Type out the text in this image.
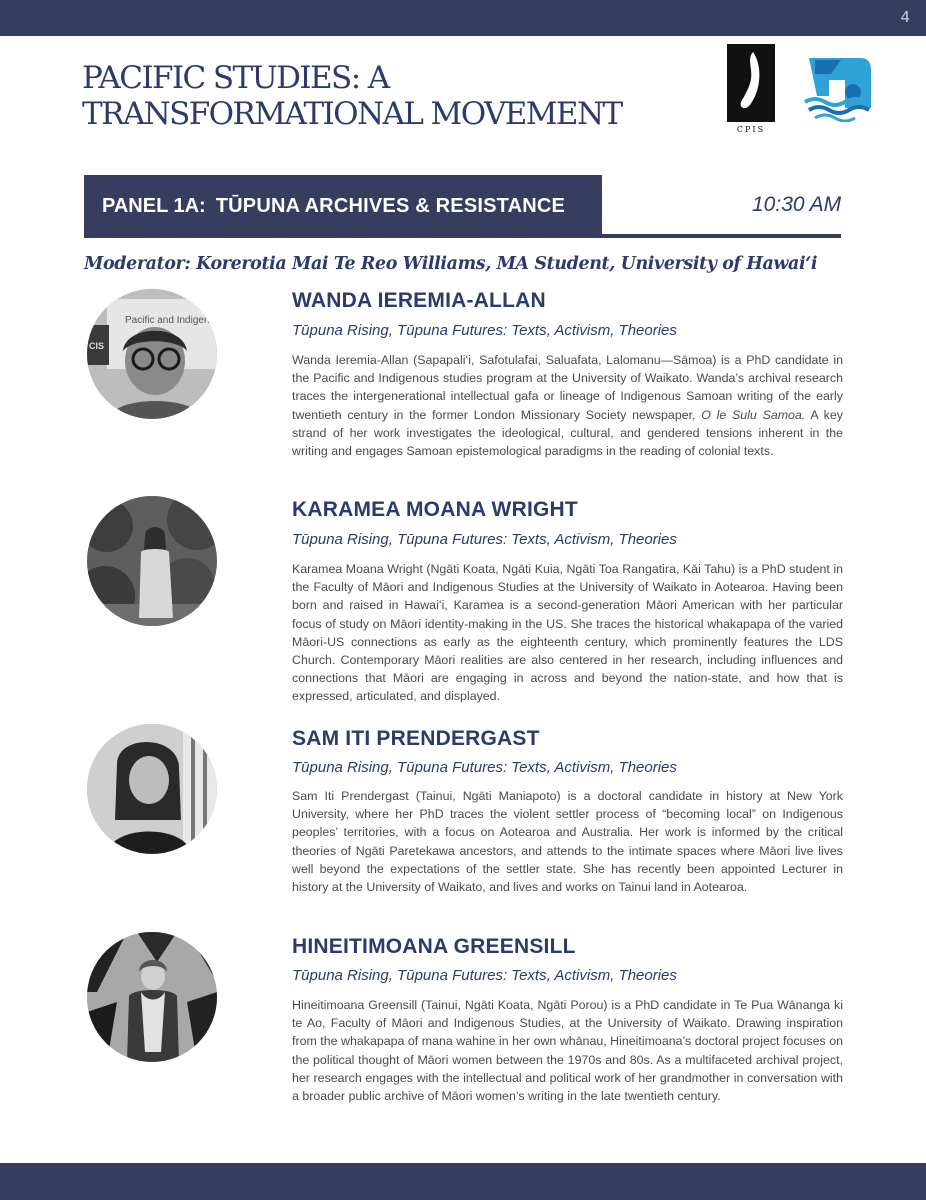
4
PACIFIC STUDIES: A
TRANSFORMATIONAL MOVEMENT	CPIS
PANEL 1A: TŪPUNA ARCHIVES & RESISTANCE	10:30 AM
Moderator: Korerotia Mai Te Reo Williams, MA Student, University of Hawaiʻi
Pacific and Indigen
CIS
WANDA IEREMIA-ALLAN
Tūpuna Rising, Tūpuna Futures: Texts, Activism, Theories
Wanda Ieremia-Allan (Sapapaliʻi, Safotulafai, Saluafata, Lalomanu—Sāmoa) is a PhD candidate in the Pacific and Indigenous studies program at the University of Waikato. Wanda’s archival research traces the intergenerational intellectual gafa or lineage of Indigenous Samoan writing of the early twentieth century in the former London Missionary Society newspaper, O le Sulu Samoa. A key strand of her work investigates the ideological, cultural, and gendered tensions inherent in the writing and engages Samoan epistemological paradigms in the reading of colonial texts.
KARAMEA MOANA WRIGHT
Tūpuna Rising, Tūpuna Futures: Texts, Activism, Theories
Karamea Moana Wright (Ngāti Koata, Ngāti Kuia, Ngāti Toa Rangatira, Kāi Tahu) is a PhD student in the Faculty of Māori and Indigenous Studies at the University of Waikato in Aotearoa. Having been born and raised in Hawaiʻi, Karamea is a second-generation Māori American with her particular focus of study on Māori identity-making in the US. She traces the historical whakapapa of the varied Māori-US connections as early as the eighteenth century, which prominently features the LDS Church. Contemporary Māori realities are also centered in her research, including influences and connections that Māori are engaging in across and beyond the nation-state, and how that is expressed, articulated, and displayed.
SAM ITI PRENDERGAST
Tūpuna Rising, Tūpuna Futures: Texts, Activism, Theories
Sam Iti Prendergast (Tainui, Ngāti Maniapoto) is a doctoral candidate in history at New York University, where her PhD traces the violent settler process of “becoming local” on Indigenous peoples’ territories, with a focus on Aotearoa and Australia. Her work is informed by the critical theories of Ngāti Paretekawa ancestors, and attends to the intimate spaces where Māori live lives well beyond the expectations of the settler state. She has recently been appointed Lecturer in history at the University of Waikato, and lives and works on Tainui land in Aotearoa.
HINEITIMOANA GREENSILL
Tūpuna Rising, Tūpuna Futures: Texts, Activism, Theories
Hineitimoana Greensill (Tainui, Ngāti Koata, Ngāti Porou) is a PhD candidate in Te Pua Wānanga ki te Ao, Faculty of Māori and Indigenous Studies, at the University of Waikato. Drawing inspiration from the whakapapa of mana wahine in her own whānau, Hineitimoana’s doctoral project focuses on the political thought of Māori women between the 1970s and 80s. As a multifaceted archival project, her research engages with the intellectual and political work of her grandmother in conversation with a broader public archive of Māori women’s writing in the late twentieth century.
